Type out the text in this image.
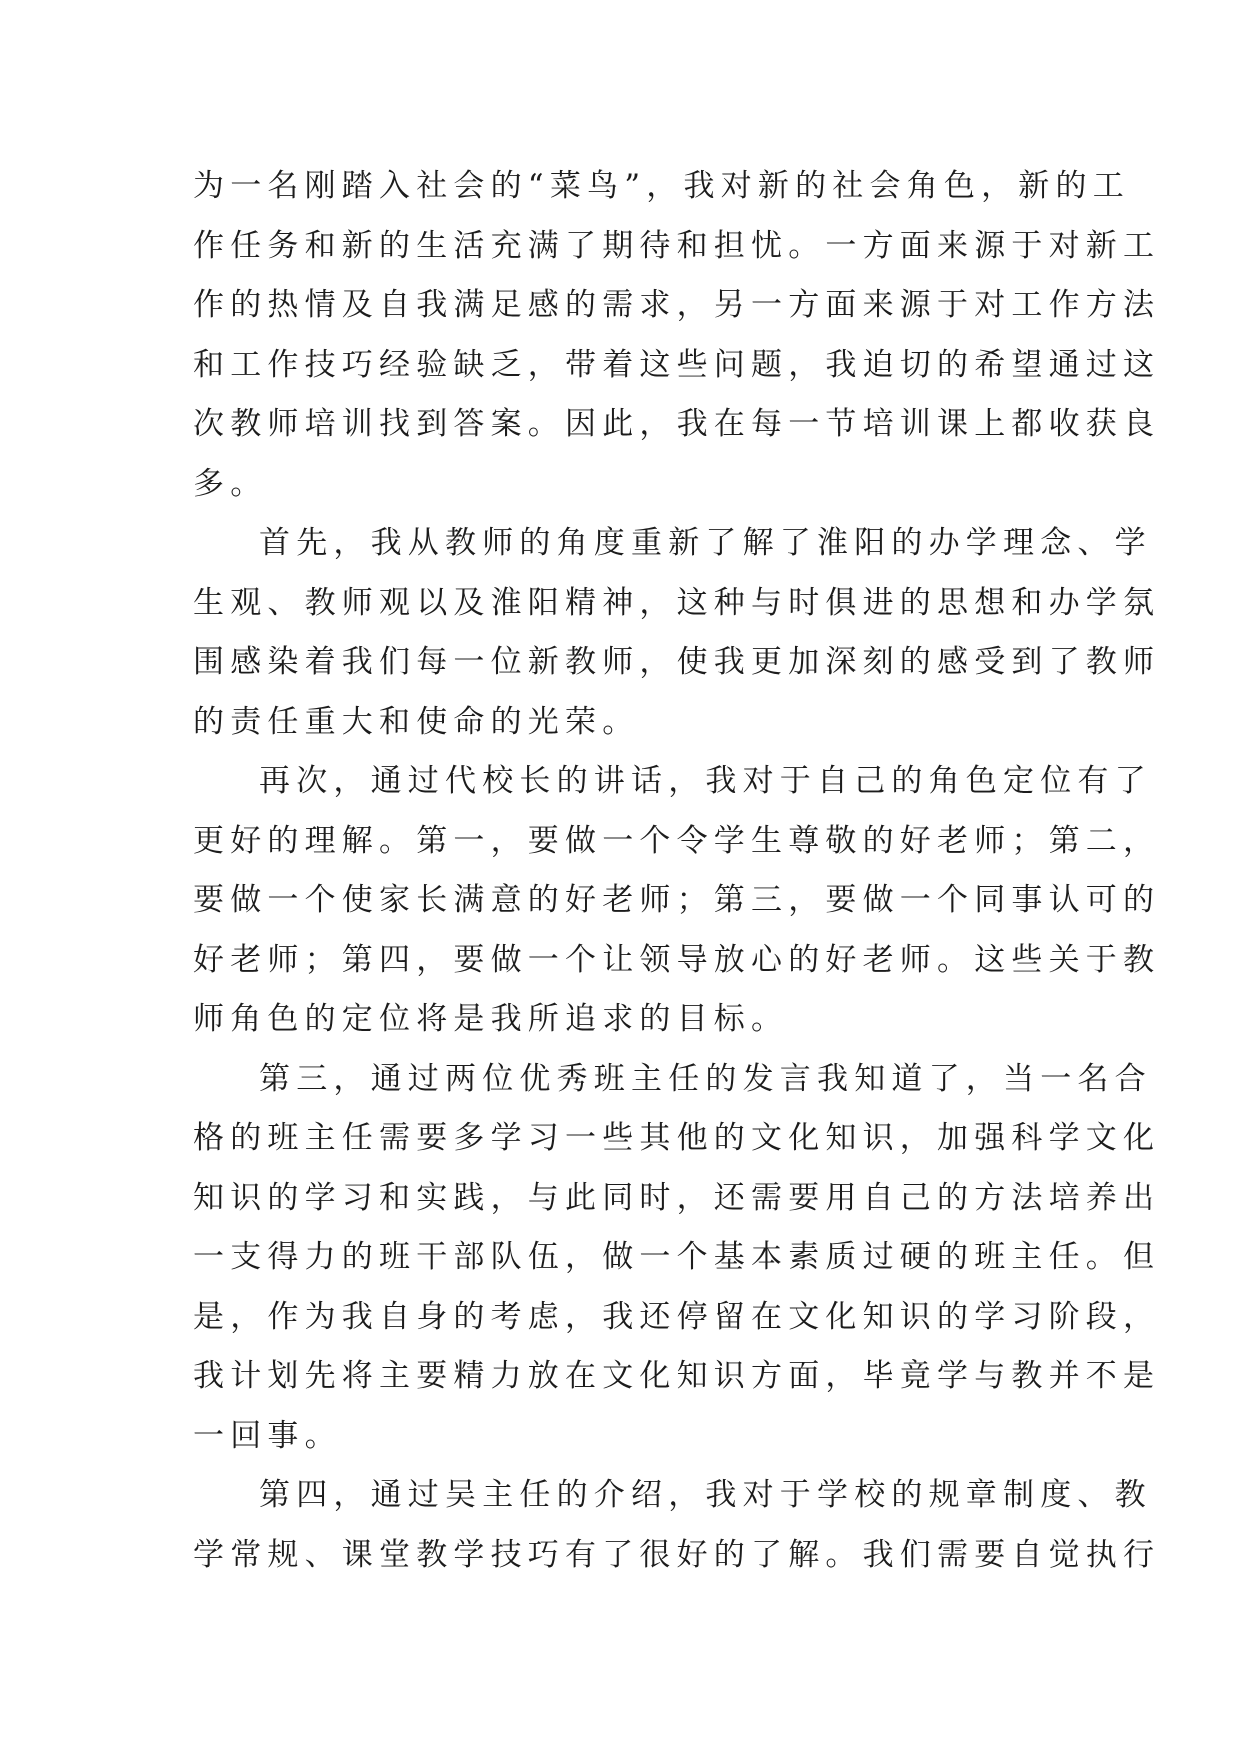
为一名刚踏入社会的“菜鸟”，我对新的社会角色，新的工
作任务和新的生活充满了期待和担忧。一方面来源于对新工
作的热情及自我满足感的需求，另一方面来源于对工作方法
和工作技巧经验缺乏，带着这些问题，我迫切的希望通过这
次教师培训找到答案。因此，我在每一节培训课上都收获良
多。
首先，我从教师的角度重新了解了淮阳的办学理念、学
生观、教师观以及淮阳精神，这种与时俱进的思想和办学氛
围感染着我们每一位新教师，使我更加深刻的感受到了教师
的责任重大和使命的光荣。
再次，通过代校长的讲话，我对于自己的角色定位有了
更好的理解。第一，要做一个令学生尊敬的好老师；第二，
要做一个使家长满意的好老师；第三，要做一个同事认可的
好老师；第四，要做一个让领导放心的好老师。这些关于教
师角色的定位将是我所追求的目标。
第三，通过两位优秀班主任的发言我知道了，当一名合
格的班主任需要多学习一些其他的文化知识，加强科学文化
知识的学习和实践，与此同时，还需要用自己的方法培养出
一支得力的班干部队伍，做一个基本素质过硬的班主任。但
是，作为我自身的考虑，我还停留在文化知识的学习阶段，
我计划先将主要精力放在文化知识方面，毕竟学与教并不是
一回事。
第四，通过吴主任的介绍，我对于学校的规章制度、教
学常规、课堂教学技巧有了很好的了解。我们需要自觉执行
